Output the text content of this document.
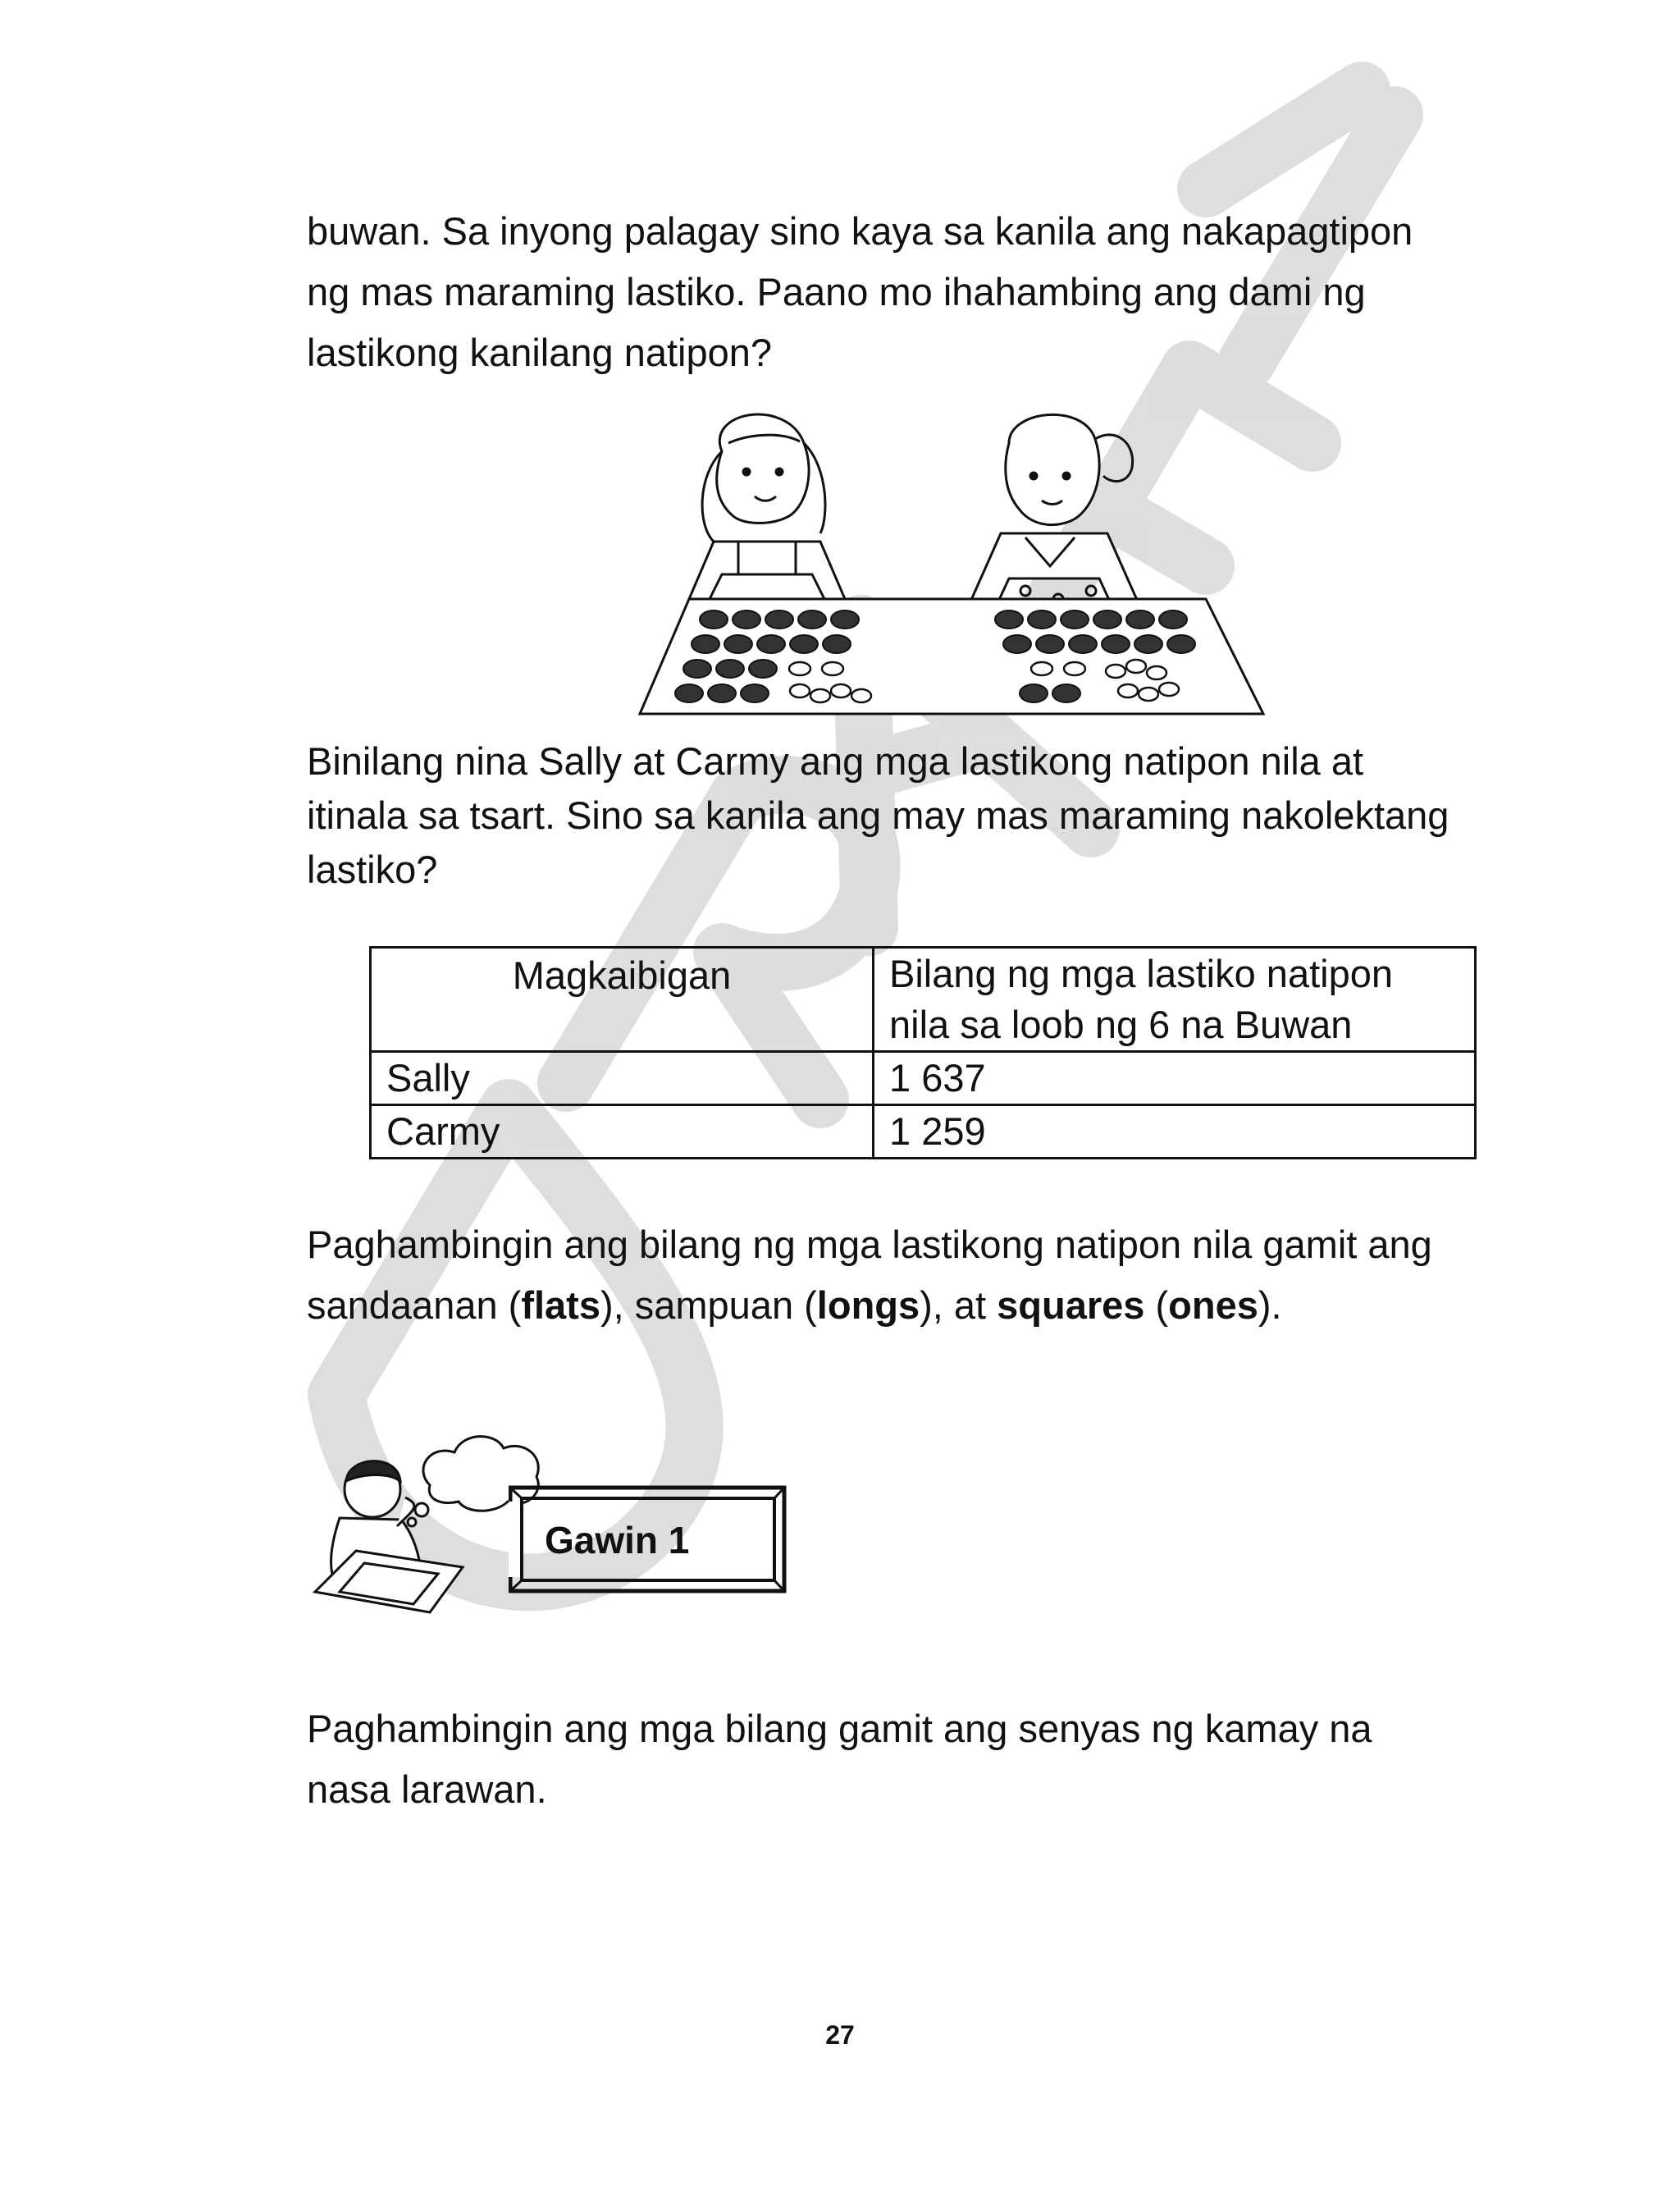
buwan. Sa inyong palagay sino kaya sa kanila ang nakapagtipon

ng mas maraming lastiko. Paano mo ihahambing ang dami ng

lastikong kanilang natipon?

Binilang nina Sally at Carmy ang mga lastikong natipon nila at

itinala sa tsart. Sino sa kanila ang may mas maraming nakolektang

lastiko?

Magkaibigan	Bilang ng mga lastiko natipon
nila sa loob ng 6 na Buwan

Sally	1 637
Carmy	1 259

Paghambingin ang bilang ng mga lastikong natipon nila gamit ang

sandaanan (flats), sampuan (longs), at squares (ones).

Gawin 1

Paghambingin ang mga bilang gamit ang senyas ng kamay na

nasa larawan.

27
